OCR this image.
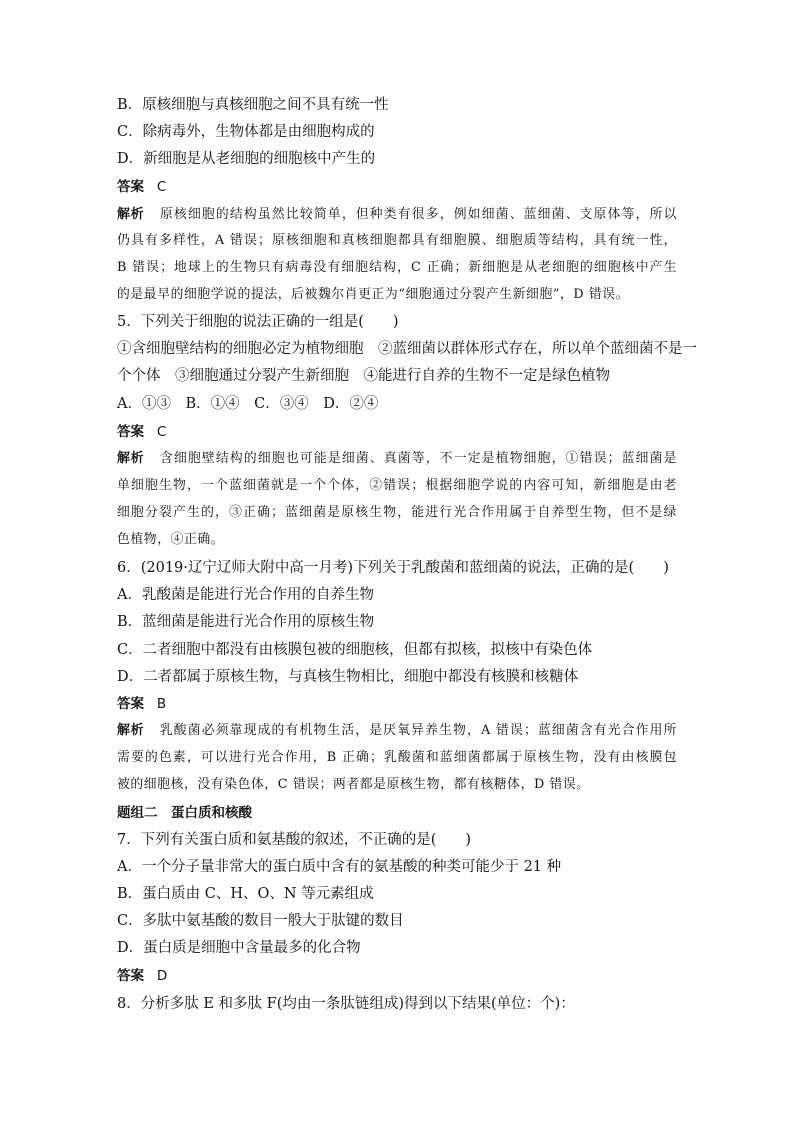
B．原核细胞与真核细胞之间不具有统一性
C．除病毒外，生物体都是由细胞构成的
D．新细胞是从老细胞的细胞核中产生的
答案 C
解析 原核细胞的结构虽然比较简单，但种类有很多，例如细菌、蓝细菌、支原体等，所以
仍具有多样性，A 错误；原核细胞和真核细胞都具有细胞膜、细胞质等结构，具有统一性，
B 错误；地球上的生物只有病毒没有细胞结构，C 正确；新细胞是从老细胞的细胞核中产生
的是最早的细胞学说的提法，后被魏尔肖更正为“细胞通过分裂产生新细胞”，D 错误。
5．下列关于细胞的说法正确的一组是(　　)
①含细胞壁结构的细胞必定为植物细胞　②蓝细菌以群体形式存在，所以单个蓝细菌不是一
个个体　③细胞通过分裂产生新细胞　④能进行自养的生物不一定是绿色植物
A．①③　B．①④　C．③④　D．②④
答案 C
解析 含细胞壁结构的细胞也可能是细菌、真菌等，不一定是植物细胞，①错误；蓝细菌是
单细胞生物，一个蓝细菌就是一个个体，②错误；根据细胞学说的内容可知，新细胞是由老
细胞分裂产生的，③正确；蓝细菌是原核生物，能进行光合作用属于自养型生物，但不是绿
色植物，④正确。
6．(2019·辽宁辽师大附中高一月考)下列关于乳酸菌和蓝细菌的说法，正确的是(　　)
A．乳酸菌是能进行光合作用的自养生物
B．蓝细菌是能进行光合作用的原核生物
C．二者细胞中都没有由核膜包被的细胞核，但都有拟核，拟核中有染色体
D．二者都属于原核生物，与真核生物相比，细胞中都没有核膜和核糖体
答案 B
解析 乳酸菌必须靠现成的有机物生活，是厌氧异养生物，A 错误；蓝细菌含有光合作用所
需要的色素，可以进行光合作用，B 正确；乳酸菌和蓝细菌都属于原核生物，没有由核膜包
被的细胞核，没有染色体，C 错误；两者都是原核生物，都有核糖体，D 错误。
题组二　蛋白质和核酸
7．下列有关蛋白质和氨基酸的叙述，不正确的是(　　)
A．一个分子量非常大的蛋白质中含有的氨基酸的种类可能少于 21 种
B．蛋白质由 C、H、O、N 等元素组成
C．多肽中氨基酸的数目一般大于肽键的数目
D．蛋白质是细胞中含量最多的化合物
答案 D
8．分析多肽 E 和多肽 F(均由一条肽链组成)得到以下结果(单位：个)：
